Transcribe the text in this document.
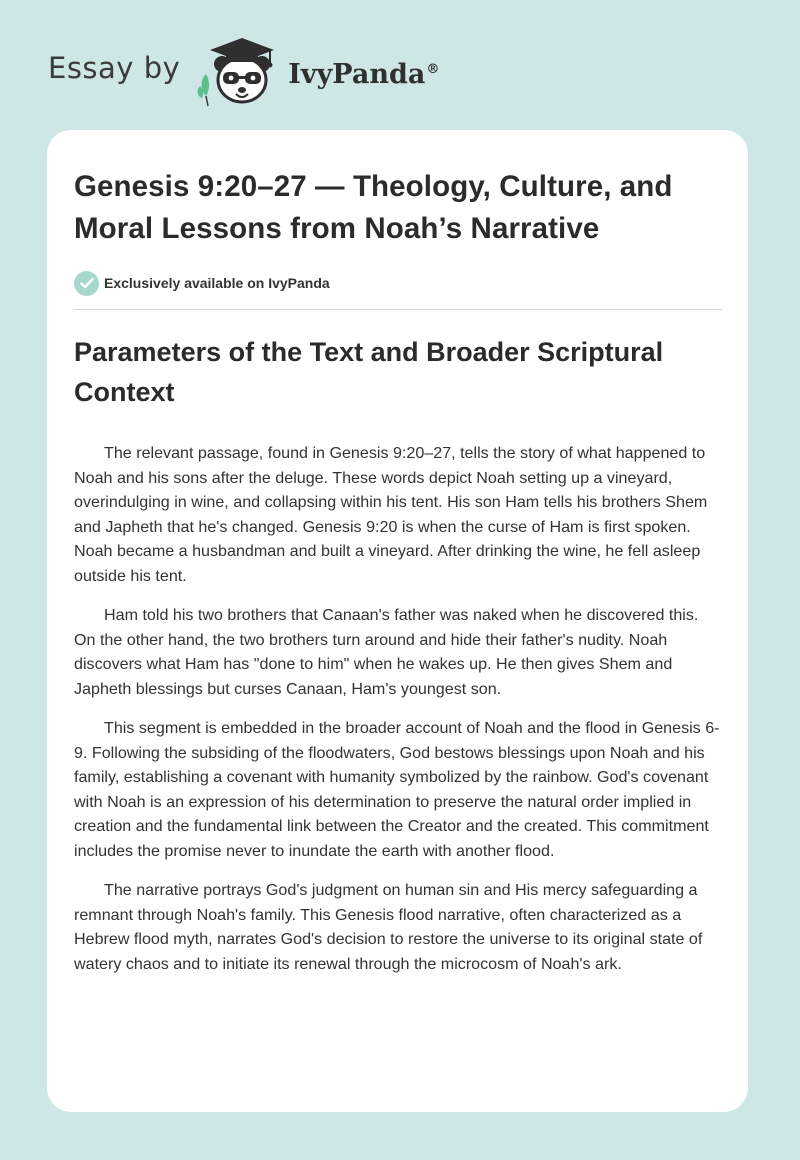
Essay by	IvyPanda®
Genesis 9:20–27 — Theology, Culture, and Moral Lessons from Noah’s Narrative
Exclusively available on IvyPanda
Parameters of the Text and Broader Scriptural Context

The relevant passage, found in Genesis 9:20–27, tells the story of what happened to Noah and his sons after the deluge. These words depict Noah setting up a vineyard, overindulging in wine, and collapsing within his tent. His son Ham tells his brothers Shem and Japheth that he's changed. Genesis 9:20 is when the curse of Ham is first spoken. Noah became a husbandman and built a vineyard. After drinking the wine, he fell asleep outside his tent.

Ham told his two brothers that Canaan's father was naked when he discovered this. On the other hand, the two brothers turn around and hide their father's nudity. Noah discovers what Ham has "done to him" when he wakes up. He then gives Shem and Japheth blessings but curses Canaan, Ham's youngest son.

This segment is embedded in the broader account of Noah and the flood in Genesis 6-9. Following the subsiding of the floodwaters, God bestows blessings upon Noah and his family, establishing a covenant with humanity symbolized by the rainbow. God's covenant with Noah is an expression of his determination to preserve the natural order implied in creation and the fundamental link between the Creator and the created. This commitment includes the promise never to inundate the earth with another flood.

The narrative portrays God's judgment on human sin and His mercy safeguarding a remnant through Noah's family. This Genesis flood narrative, often characterized as a Hebrew flood myth, narrates God's decision to restore the universe to its original state of watery chaos and to initiate its renewal through the microcosm of Noah's ark.
